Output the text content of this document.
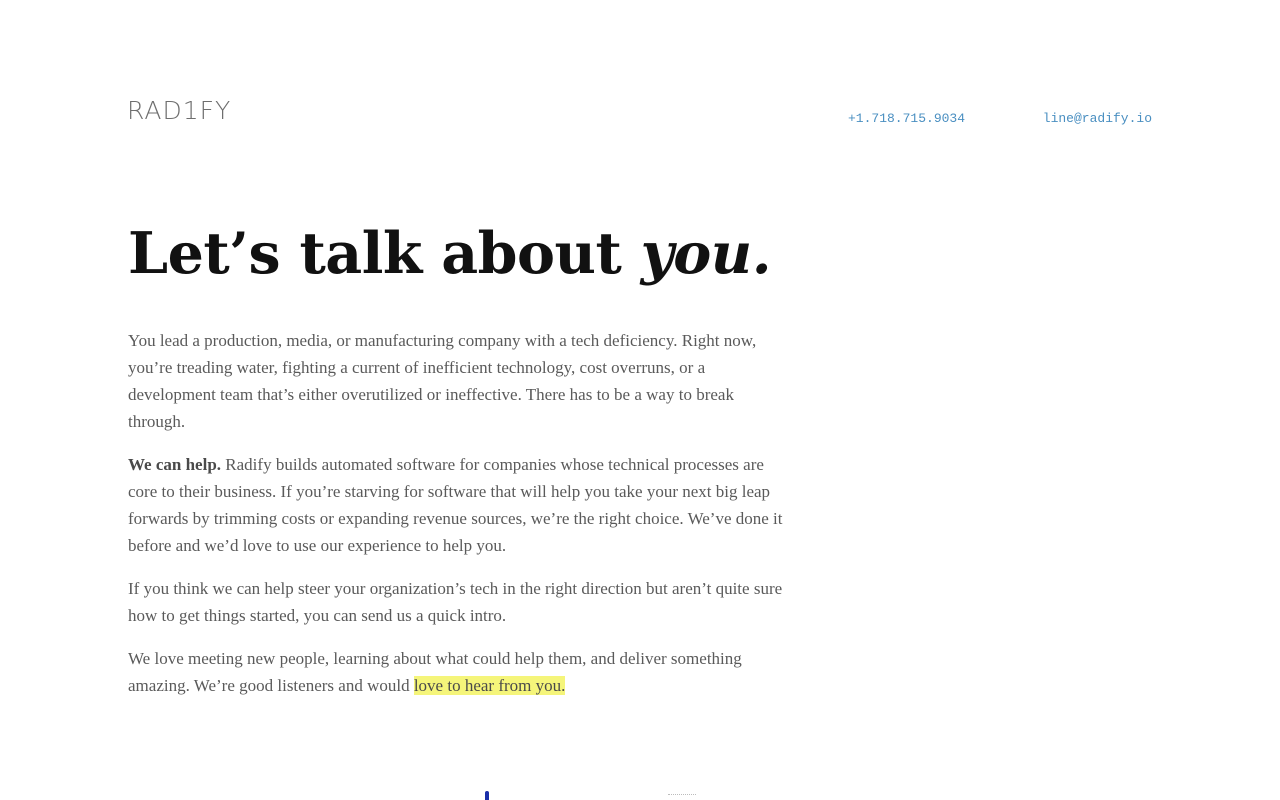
RAD1FY	+1.718.715.9034	line@radify.io
Let’s talk about you.

You lead a production, media, or manufacturing company with a tech deficiency. Right now, you’re treading water, fighting a current of inefficient technology, cost overruns, or a development team that’s either overutilized or ineffective. There has to be a way to break through.

We can help. Radify builds automated software for companies whose technical processes are core to their business. If you’re starving for software that will help you take your next big leap forwards by trimming costs or expanding revenue sources, we’re the right choice. We’ve done it before and we’d love to use our experience to help you.

If you think we can help steer your organization’s tech in the right direction but aren’t quite sure how to get things started, you can send us a quick intro.

We love meeting new people, learning about what could help them, and deliver something amazing. We’re good listeners and would love to hear from you.
